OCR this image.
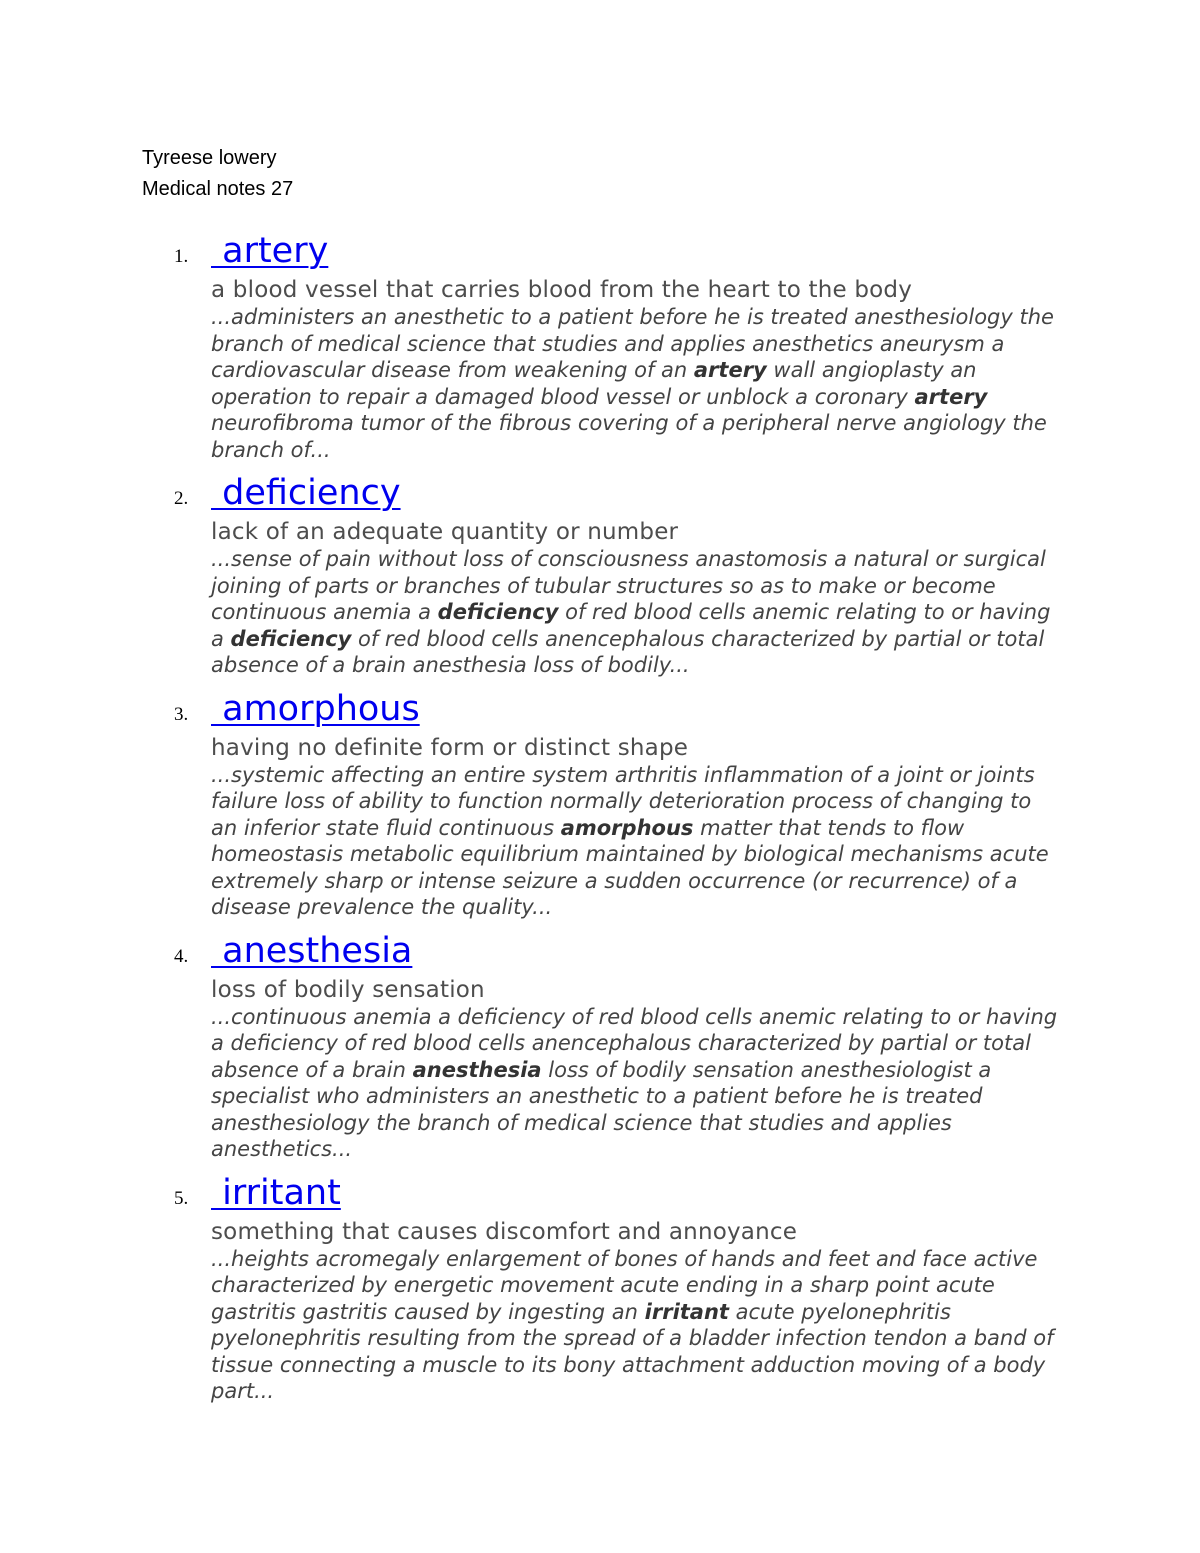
Tyreese lowery
Medical notes 27
1. artery
a blood vessel that carries blood from the heart to the body
...administers an anesthetic to a patient before he is treated anesthesiology the branch of medical science that studies and applies anesthetics aneurysm a cardiovascular disease from weakening of an artery wall angioplasty an operation to repair a damaged blood vessel or unblock a coronary artery neurofibroma tumor of the fibrous covering of a peripheral nerve angiology the branch of...
2. deficiency
lack of an adequate quantity or number
...sense of pain without loss of consciousness anastomosis a natural or surgical joining of parts or branches of tubular structures so as to make or become continuous anemia a deficiency of red blood cells anemic relating to or having a deficiency of red blood cells anencephalous characterized by partial or total absence of a brain anesthesia loss of bodily...
3. amorphous
having no definite form or distinct shape
...systemic affecting an entire system arthritis inflammation of a joint or joints failure loss of ability to function normally deterioration process of changing to an inferior state fluid continuous amorphous matter that tends to flow homeostasis metabolic equilibrium maintained by biological mechanisms acute extremely sharp or intense seizure a sudden occurrence (or recurrence) of a disease prevalence the quality...
4. anesthesia
loss of bodily sensation
...continuous anemia a deficiency of red blood cells anemic relating to or having a deficiency of red blood cells anencephalous characterized by partial or total absence of a brain anesthesia loss of bodily sensation anesthesiologist a specialist who administers an anesthetic to a patient before he is treated anesthesiology the branch of medical science that studies and applies anesthetics...
5. irritant
something that causes discomfort and annoyance
...heights acromegaly enlargement of bones of hands and feet and face active characterized by energetic movement acute ending in a sharp point acute gastritis gastritis caused by ingesting an irritant acute pyelonephritis pyelonephritis resulting from the spread of a bladder infection tendon a band of tissue connecting a muscle to its bony attachment adduction moving of a body part...
